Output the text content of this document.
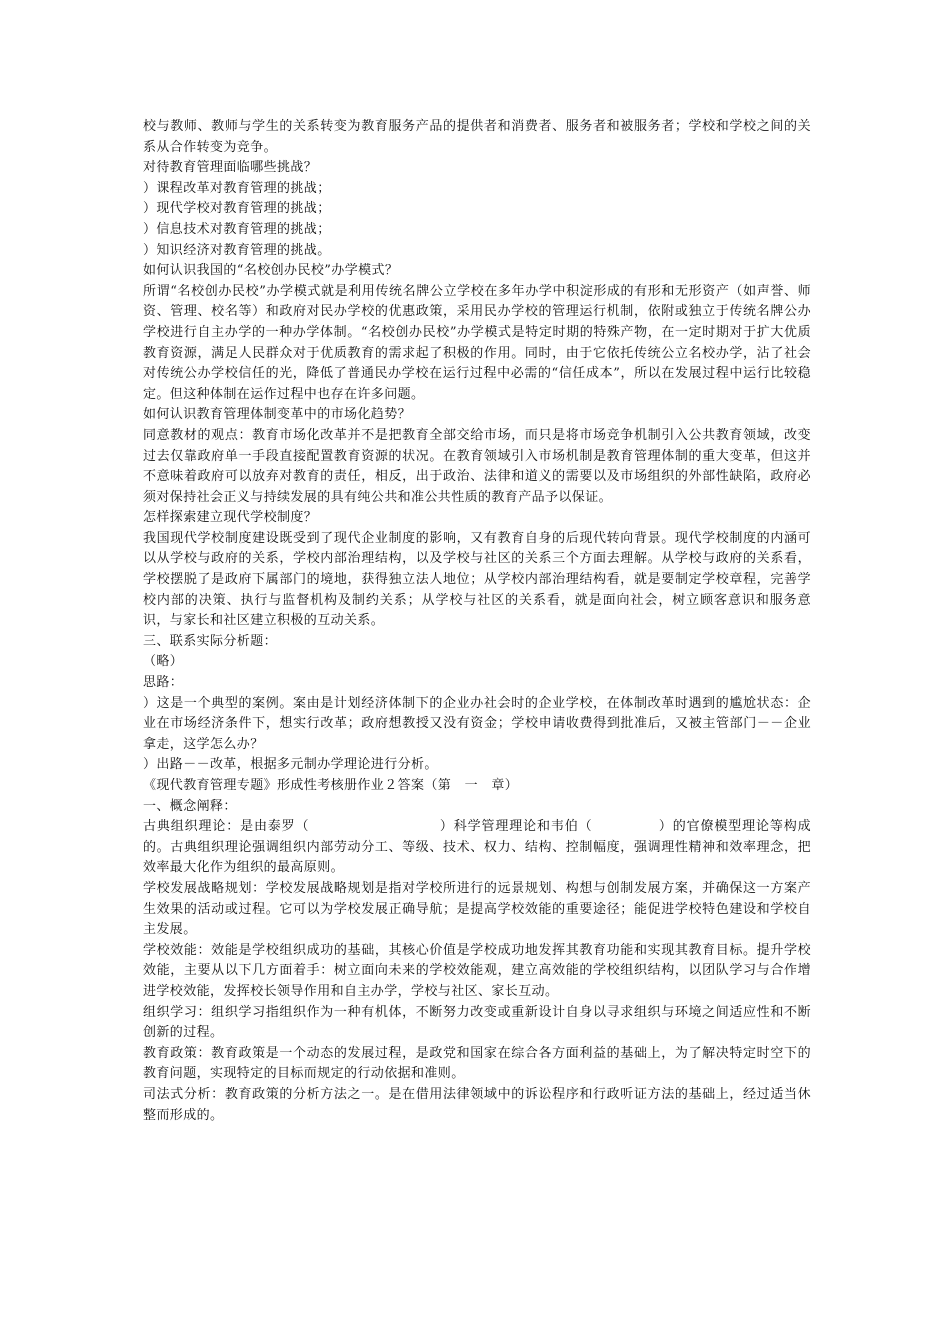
校与教师、教师与学生的关系转变为教育服务产品的提供者和消费者、服务者和被服务者；学校和学校之间的关系从合作转变为竞争。

对待教育管理面临哪些挑战？

）课程改革对教育管理的挑战；

）现代学校对教育管理的挑战；

）信息技术对教育管理的挑战；

）知识经济对教育管理的挑战。

如何认识我国的“名校创办民校”办学模式？

所谓“名校创办民校”办学模式就是利用传统名牌公立学校在多年办学中积淀形成的有形和无形资产（如声誉、师资、管理、校名等）和政府对民办学校的优惠政策，采用民办学校的管理运行机制，依附或独立于传统名牌公办学校进行自主办学的一种办学体制。“名校创办民校”办学模式是特定时期的特殊产物，在一定时期对于扩大优质教育资源，满足人民群众对于优质教育的需求起了积极的作用。同时，由于它依托传统公立名校办学，沾了社会对传统公办学校信任的光，降低了普通民办学校在运行过程中必需的“信任成本”，所以在发展过程中运行比较稳定。但这种体制在运作过程中也存在许多问题。

如何认识教育管理体制变革中的市场化趋势？

同意教材的观点：教育市场化改革并不是把教育全部交给市场，而只是将市场竞争机制引入公共教育领域，改变过去仅靠政府单一手段直接配置教育资源的状况。在教育领域引入市场机制是教育管理体制的重大变革，但这并不意味着政府可以放弃对教育的责任，相反，出于政治、法律和道义的需要以及市场组织的外部性缺陷，政府必须对保持社会正义与持续发展的具有纯公共和准公共性质的教育产品予以保证。

怎样探索建立现代学校制度？

我国现代学校制度建设既受到了现代企业制度的影响，又有教育自身的后现代转向背景。现代学校制度的内涵可以从学校与政府的关系，学校内部治理结构，以及学校与社区的关系三个方面去理解。从学校与政府的关系看，学校摆脱了是政府下属部门的境地，获得独立法人地位；从学校内部治理结构看，就是要制定学校章程，完善学校内部的决策、执行与监督机构及制约关系；从学校与社区的关系看，就是面向社会，树立顾客意识和服务意识，与家长和社区建立积极的互动关系。

三、联系实际分析题：

（略）

思路：

）这是一个典型的案例。案由是计划经济体制下的企业办社会时的企业学校，在体制改革时遇到的尴尬状态：企业在市场经济条件下，想实行改革；政府想教授又没有资金；学校申请收费得到批准后，又被主管部门－－企业拿走，这学怎么办？

）出路－－改革，根据多元制办学理论进行分析。

《现代教育管理专题》形成性考核册作业２答案（第　一　章）

一、概念阐释：

古典组织理论：是由泰罗（	）科学管理理论和韦伯（	）的官僚模型理论等构成的。古典组织理论强调组织内部劳动分工、等级、技术、权力、结构、控制幅度，强调理性精神和效率理念，把效率最大化作为组织的最高原则。

学校发展战略规划：学校发展战略规划是指对学校所进行的远景规划、构想与创制发展方案，并确保这一方案产生效果的活动或过程。它可以为学校发展正确导航；是提高学校效能的重要途径；能促进学校特色建设和学校自主发展。

学校效能：效能是学校组织成功的基础，其核心价值是学校成功地发挥其教育功能和实现其教育目标。提升学校效能，主要从以下几方面着手：树立面向未来的学校效能观，建立高效能的学校组织结构，以团队学习与合作增进学校效能，发挥校长领导作用和自主办学，学校与社区、家长互动。

组织学习：组织学习指组织作为一种有机体，不断努力改变或重新设计自身以寻求组织与环境之间适应性和不断创新的过程。

教育政策：教育政策是一个动态的发展过程，是政党和国家在综合各方面利益的基础上，为了解决特定时空下的教育问题，实现特定的目标而规定的行动依据和准则。

司法式分析：教育政策的分析方法之一。是在借用法律领域中的诉讼程序和行政听证方法的基础上，经过适当休整而形成的。
